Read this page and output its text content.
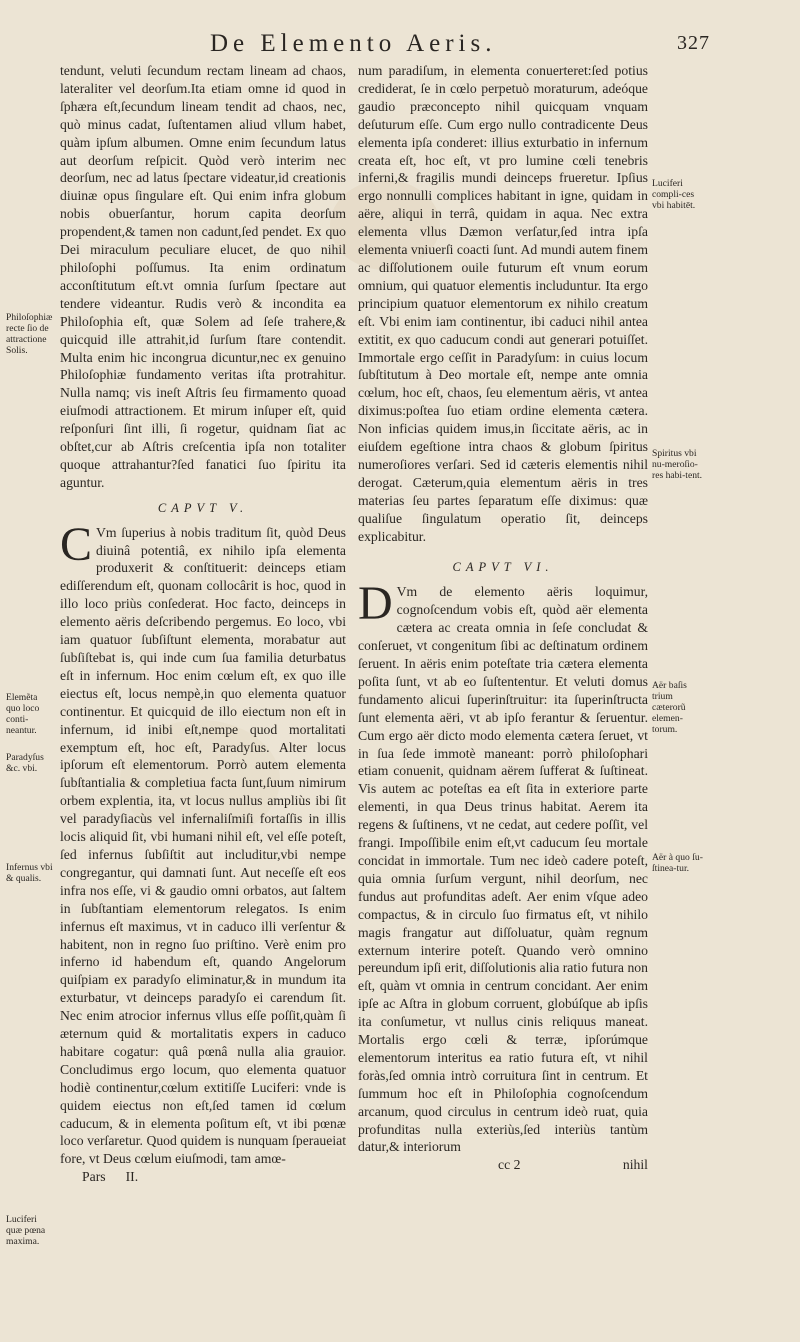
De Elemento Aeris.	327

tendunt, veluti ſecundum rectam lineam ad chaos, lateraliter vel deorſum.Ita etiam omne id quod in ſphæra eſt,ſecundum lineam tendit ad chaos, nec, quò minus cadat, ſuſtentamen aliud vllum habet, quàm ipſum albumen. Omne enim ſecundum latus aut deorſum reſpicit. Quòd verò interim nec deorſum, nec ad latus ſpectare videatur,id creationis diuinæ opus ſingulare eſt. Qui enim infra globum nobis obuerſantur, horum capita deorſum propendent,& tamen non cadunt,ſed pendet. Ex quo Dei miraculum peculiare elucet, de quo nihil philoſophi poſſumus. Ita enim ordinatum acconſtitutum eſt.vt omnia ſurſum ſpectare aut tendere videantur. Rudis verò & incondita ea Philoſophia eſt, quæ Solem ad ſeſe trahere,& quicquid ille attrahit,id ſurſum ſtare contendit. Multa enim hic incongrua dicuntur,nec ex genuino Philoſophiæ fundamento veritas iſta protrahitur. Nulla namq; vis ineſt Aſtris ſeu firmamento quoad eiuſmodi attractionem. Et mirum inſuper eſt, quid reſponſuri ſint illi, ſi rogetur, quidnam ſiat ac obſtet,cur ab Aſtris creſcentia ipſa non totaliter quoque attrahantur?ſed fanatici ſuo ſpiritu ita aguntur.

CAPVT V.

C Vm ſuperius à nobis traditum ſit, quòd Deus diuinâ potentiâ, ex nihilo ipſa elementa produxerit & conſtituerit: deinceps etiam ediſſerendum eſt, quonam collocârit is hoc, quod in illo loco priùs conſederat. Hoc facto, deinceps in elemento aëris deſcribendo pergemus. Eo loco, vbi iam quatuor ſubſiſtunt elementa, morabatur aut ſubſiſtebat is, qui inde cum ſua familia deturbatus eſt in infernum. Hoc enim cœlum eſt, ex quo ille eiectus eſt, locus nempè,in quo elementa quatuor continentur. Et quicquid de illo eiectum non eſt in infernum, id inibi eſt,nempe quod mortalitati exemptum eſt, hoc eſt, Paradyſus. Alter locus ipſorum eſt elementorum. Porrò autem elementa ſubſtantialia & completiua facta ſunt,ſuum nimirum orbem explentia, ita, vt locus nullus ampliùs ibi ſit vel paradyſiacùs vel infernaliſmiſi fortaſſis in illis locis aliquid ſit, vbi humani nihil eſt, vel eſſe poteſt, ſed infernus ſubſiſtit aut includitur,vbi nempe congregantur, qui damnati ſunt. Aut neceſſe eſt eos infra nos eſſe, vi & gaudio omni orbatos, aut ſaltem in ſubſtantiam elementorum relegatos. Is enim infernus eſt maximus, vt in caduco illi verſentur & habitent, non in regno ſuo priſtino. Verè enim pro inferno id habendum eſt, quando Angelorum quiſpiam ex paradyſo eliminatur,& in mundum ita exturbatur, vt deinceps paradyſo ei carendum ſit. Nec enim atrocior infernus vllus eſſe poſſit,quàm ſi æternum quid & mortalitatis expers in caduco habitare cogatur: quâ pœnâ nulla alia grauior. Concludimus ergo locum, quo elementa quatuor hodiè continentur,cœlum extitiſſe Luciferi: vnde is quidem eiectus non eſt,ſed tamen id cœlum caducum, & in elementa poſitum eſt, vt ibi pœnæ loco verſaretur. Quod quidem is nunquam ſperaueiat fore, vt Deus cœlum eiuſmodi, tam amœ-

Pars II.

num paradiſum, in elementa conuerteret:ſed potius crediderat, ſe in cœlo perpetuò moraturum, adeóque gaudio præconcepto nihil quicquam vnquam deſuturum eſſe. Cum ergo nullo contradicente Deus elementa ipſa conderet: illius exturbatio in infernum creata eſt, hoc eſt, vt pro lumine cœli tenebris inferni,& fragilis mundi deinceps frueretur. Ipſius ergo nonnulli complices habitant in igne, quidam in aëre, aliqui in terrâ, quidam in aqua. Nec extra elementa vllus Dæmon verſatur,ſed intra ipſa elementa vniuerſi coacti ſunt. Ad mundi autem finem ac diſſolutionem ouile futurum eſt vnum eorum omnium, qui quatuor elementis includuntur. Ita ergo principium quatuor elementorum ex nihilo creatum eſt. Vbi enim iam continentur, ibi caduci nihil antea extitit, ex quo caducum condi aut generari potuiſſet. Immortale ergo ceſſit in Paradyſum: in cuius locum ſubſtitutum à Deo mortale eſt, nempe ante omnia cœlum, hoc eſt, chaos, ſeu elementum aëris, vt antea diximus:poſtea ſuo etiam ordine elementa cætera. Non inficias quidem imus,in ſiccitate aëris, ac in eiuſdem egeſtione intra chaos & globum ſpiritus numeroſiores verſari. Sed id cæteris elementis nihil derogat. Cæterum,quia elementum aëris in tres materias ſeu partes ſeparatum eſſe diximus: quæ qualiſue ſingulatum operatio ſit, deinceps explicabitur.

CAPVT VI.

D Vm de elemento aëris loquimur, cognoſcendum vobis eſt, quòd aër elementa cætera ac creata omnia in ſeſe concludat & conſeruet, vt congenitum ſibi ac deſtinatum ordinem ſeruent. In aëris enim poteſtate tria cætera elementa poſita ſunt, vt ab eo ſuſtententur. Et veluti domus fundamento alicui ſuperinſtruitur: ita ſuperinſtructa ſunt elementa aëri, vt ab ipſo ferantur & ſeruentur. Cum ergo aër dicto modo elementa cætera ſeruet, vt in ſua ſede immotè maneant: porrò philoſophari etiam conuenit, quidnam aërem ſufferat & ſuſtineat. Vis autem ac poteſtas ea eſt ſita in exteriore parte elementi, in qua Deus trinus habitat. Aerem ita regens & ſuſtinens, vt ne cedat, aut cedere poſſit, vel frangi. Impoſſibile enim eſt,vt caducum ſeu mortale concidat in immortale. Tum nec ideò cadere poteſt, quia omnia ſurſum vergunt, nihil deorſum, nec fundus aut profunditas adeſt. Aer enim vſque adeo compactus, & in circulo ſuo firmatus eſt, vt nihilo magis frangatur aut diſſoluatur, quàm regnum externum interire poteſt. Quando verò omnino pereundum ipſi erit, diſſolutionis alia ratio futura non eſt, quàm vt omnia in centrum concidant. Aer enim ipſe ac Aſtra in globum corruent, globúſque ab ipſis ita conſumetur, vt nullus cinis reliquus maneat. Mortalis ergo cœli & terræ, ipſorúmque elementorum interitus ea ratio futura eſt, vt nihil foràs,ſed omnia intrò corruitura ſint in centrum. Et ſummum hoc eſt in Philoſophia cognoſcendum arcanum, quod circulus in centrum ideò ruat, quia profunditas nulla exteriùs,ſed interiùs tantùm datur,& interiorum

cc 2	nihil
Philoſophiæ recte ſio de attractione Solis.
Elemẽta quo loco conti-neantur.
Paradyſus &c. vbi.
Infernus vbi & qualis.
Luciferi quæ pœna maxima.
Luciferi compli-ces vbi habitēt.
Spiritus vbi nu-meroſio-res habi-tent.
Aër baſis trium cæterorũ elemen-torum.
Aër à quo ſu-ſtinea-tur.
